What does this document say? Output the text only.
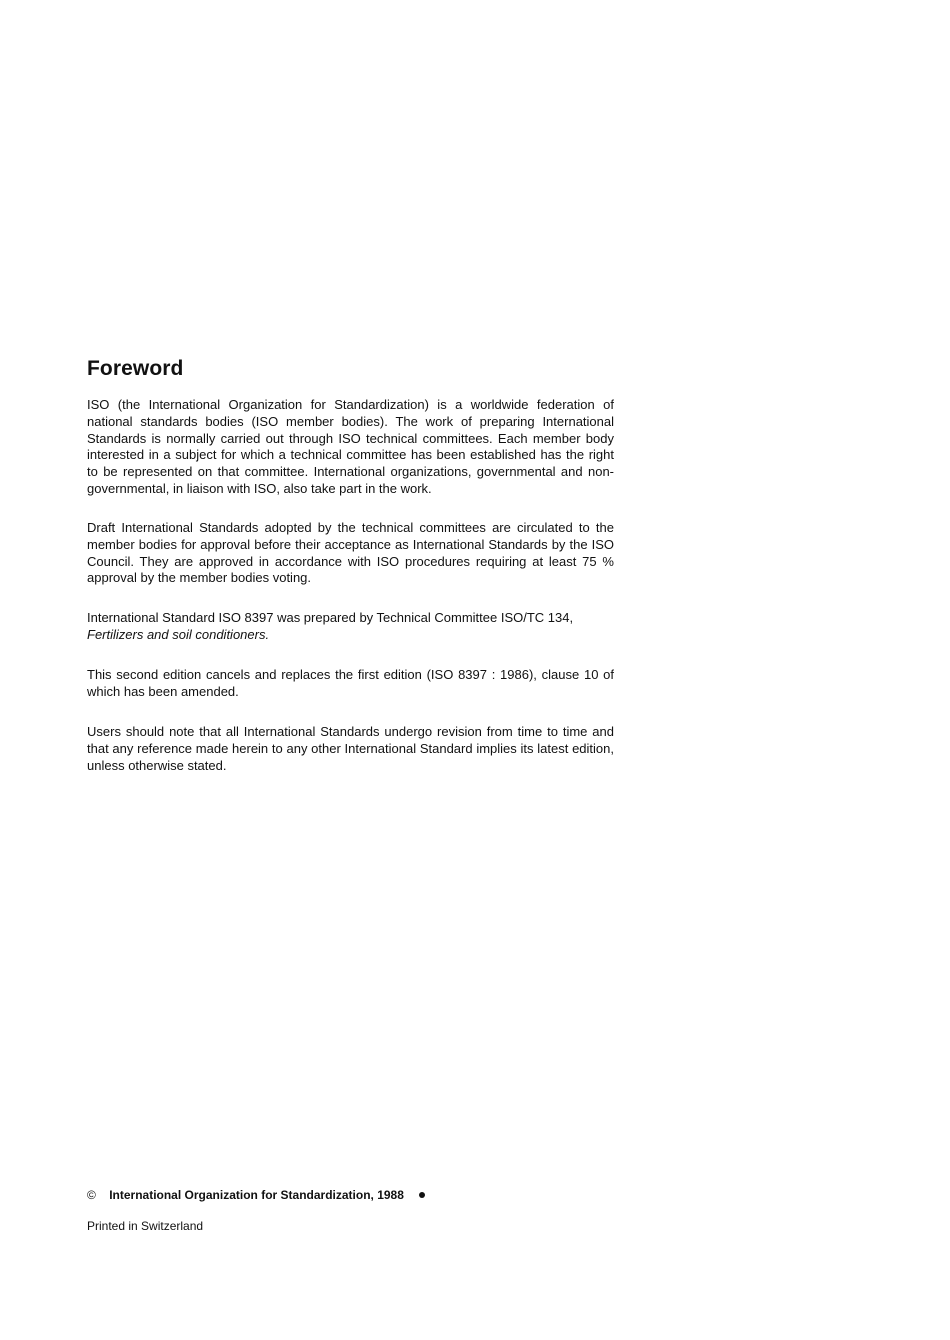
Foreword

ISO (the International Organization for Standardization) is a worldwide federation of national standards bodies (ISO member bodies). The work of preparing International Standards is normally carried out through ISO technical committees. Each member body interested in a subject for which a technical committee has been established has the right to be represented on that committee. International organizations, governmental and non-governmental, in liaison with ISO, also take part in the work.

Draft International Standards adopted by the technical committees are circulated to the member bodies for approval before their acceptance as International Standards by the ISO Council. They are approved in accordance with ISO procedures requiring at least 75 % approval by the member bodies voting.

International Standard ISO 8397 was prepared by Technical Committee ISO/TC 134,
Fertilizers and soil conditioners.

This second edition cancels and replaces the first edition (ISO 8397 : 1986), clause 10 of which has been amended.

Users should note that all International Standards undergo revision from time to time and that any reference made herein to any other International Standard implies its latest edition, unless otherwise stated.

© International Organization for Standardization, 1988
Printed in Switzerland
